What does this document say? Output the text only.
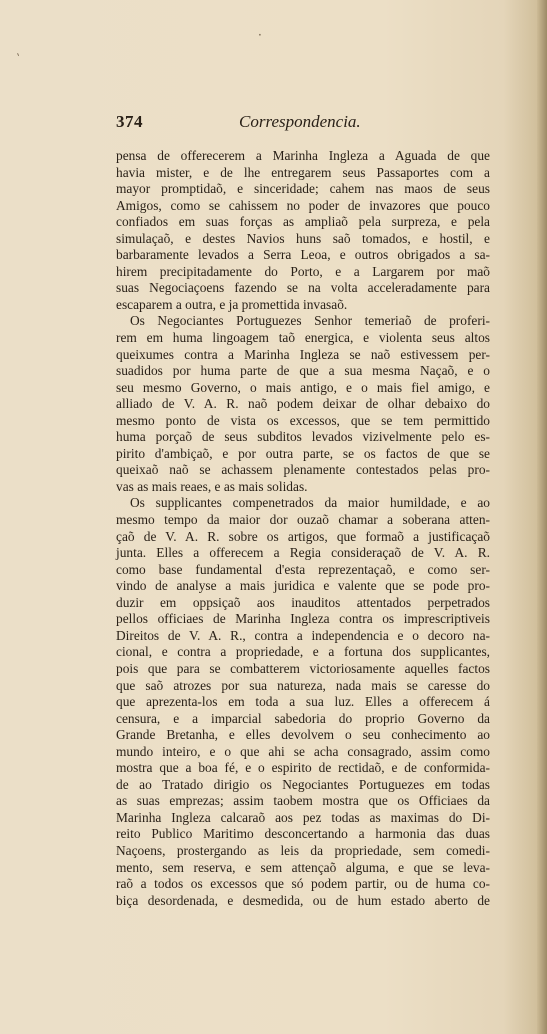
·
ˋ
374	Correspondencia.
pensa de offerecerem a Marinha Ingleza a Aguada de que
havia mister, e de lhe entregarem seus Passaportes com a
mayor promptidaõ, e sinceridade; cahem nas maos de seus
Amigos, como se cahissem no poder de invazores que pouco
confiados em suas forças as ampliaõ pela surpreza, e pela
simulaçaõ, e destes Navios huns saõ tomados, e hostil, e
barbaramente levados a Serra Leoa, e outros obrigados a sa-
hirem precipitadamente do Porto, e a Largarem por maõ
suas Negociaçoens fazendo se na volta acceleradamente para
escaparem a outra, e ja promettida invasaõ.
Os Negociantes Portuguezes Senhor temeriaõ de proferi-
rem em huma lingoagem taõ energica, e violenta seus altos
queixumes contra a Marinha Ingleza se naõ estivessem per-
suadidos por huma parte de que a sua mesma Naçaõ, e o
seu mesmo Governo, o mais antigo, e o mais fiel amigo, e
alliado de V. A. R. naõ podem deixar de olhar debaixo do
mesmo ponto de vista os excessos, que se tem permittido
huma porçaõ de seus subditos levados vizivelmente pelo es-
pirito d'ambiçaõ, e por outra parte, se os factos de que se
queixaõ naõ se achassem plenamente contestados pelas pro-
vas as mais reaes, e as mais solidas.
Os supplicantes compenetrados da maior humildade, e ao
mesmo tempo da maior dor ouzaõ chamar a soberana atten-
çaõ de V. A. R. sobre os artigos, que formaõ a justificaçaõ
junta. Elles a offerecem a Regia consideraçaõ de V. A. R.
como base fundamental d'esta reprezentaçaõ, e como ser-
vindo de analyse a mais juridica e valente que se pode pro-
duzir em oppsiçaõ aos inauditos attentados perpetrados
pellos officiaes de Marinha Ingleza contra os imprescriptiveis
Direitos de V. A. R., contra a independencia e o decoro na-
cional, e contra a propriedade, e a fortuna dos supplicantes,
pois que para se combatterem victoriosamente aquelles factos
que saõ atrozes por sua natureza, nada mais se caresse do
que aprezenta-los em toda a sua luz. Elles a offerecem á
censura, e a imparcial sabedoria do proprio Governo da
Grande Bretanha, e elles devolvem o seu conhecimento ao
mundo inteiro, e o que ahi se acha consagrado, assim como
mostra que a boa fé, e o espirito de rectidaõ, e de conformida-
de ao Tratado dirigio os Negociantes Portuguezes em todas
as suas emprezas; assim taobem mostra que os Officiaes da
Marinha Ingleza calcaraõ aos pez todas as maximas do Di-
reito Publico Maritimo desconcertando a harmonia das duas
Naçoens, prostergando as leis da propriedade, sem comedi-
mento, sem reserva, e sem attençaõ alguma, e que se leva-
raõ a todos os excessos que só podem partir, ou de huma co-
biça desordenada, e desmedida, ou de hum estado aberto de
